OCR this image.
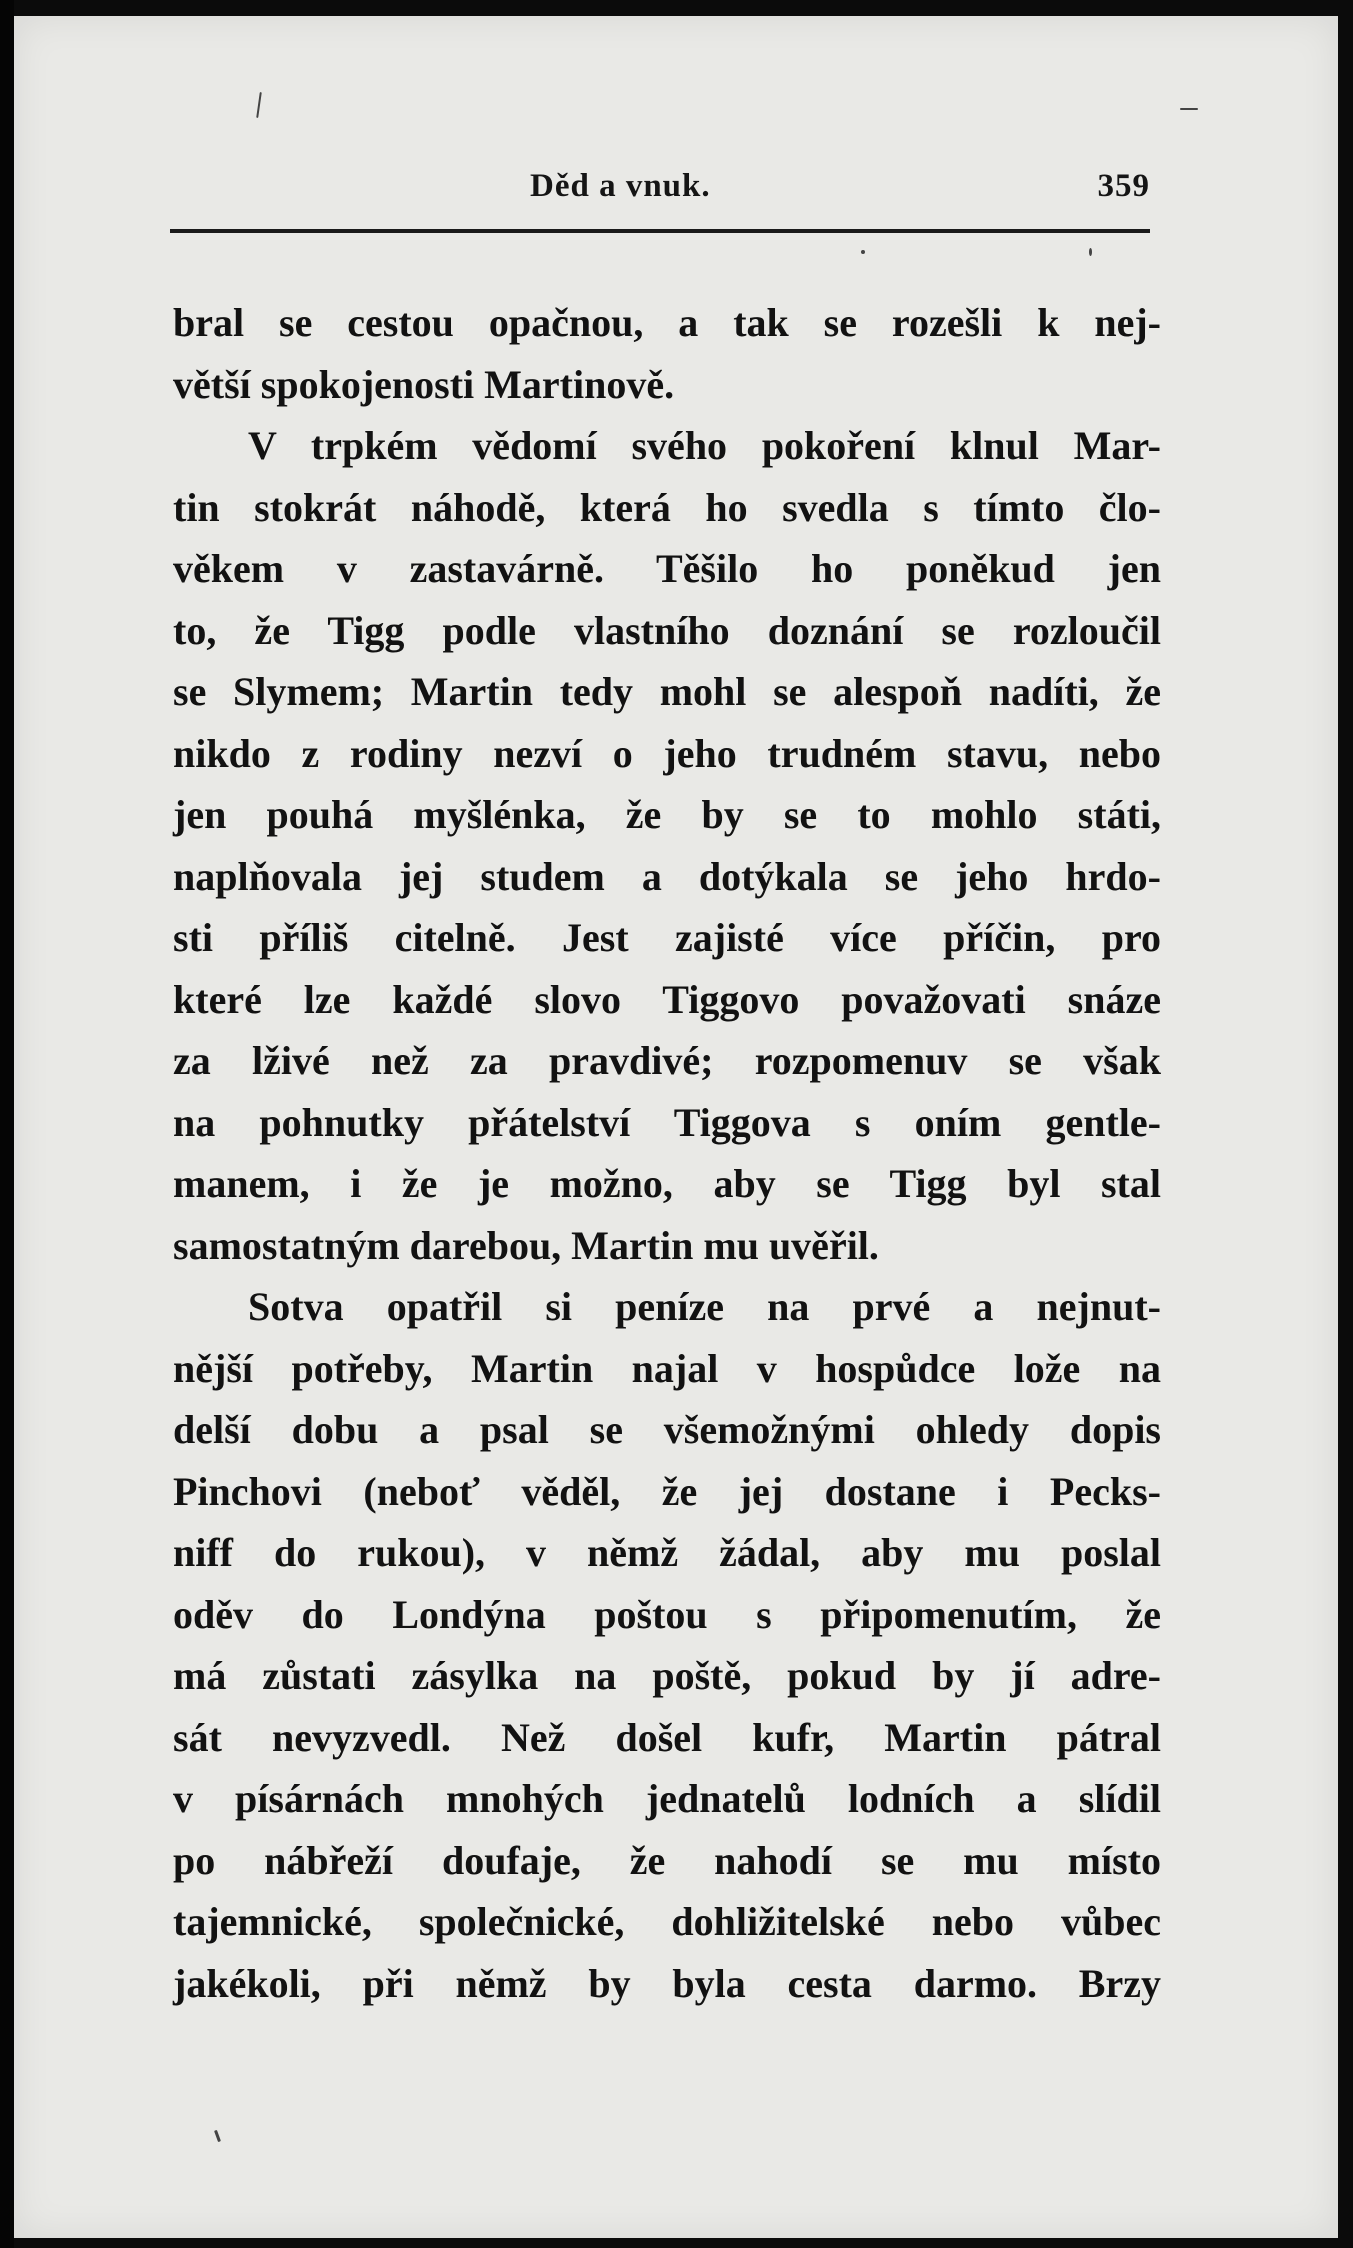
Děd a vnuk.	359
bral se cestou opačnou, a tak se rozešli k nej-
větší spokojenosti Martinově.
V trpkém vědomí svého pokoření klnul Mar-
tin stokrát náhodě, která ho svedla s tímto člo-
věkem v zastavárně. Těšilo ho poněkud jen
to, že Tigg podle vlastního doznání se rozloučil
se Slymem; Martin tedy mohl se alespoň nadíti, že
nikdo z rodiny nezví o jeho trudném stavu, nebo
jen pouhá myšlénka, že by se to mohlo státi,
naplňovala jej studem a dotýkala se jeho hrdo-
sti příliš citelně. Jest zajisté více příčin, pro
které lze každé slovo Tiggovo považovati snáze
za lživé než za pravdivé; rozpomenuv se však
na pohnutky přátelství Tiggova s oním gentle-
manem, i že je možno, aby se Tigg byl stal
samostatným darebou, Martin mu uvěřil.
Sotva opatřil si peníze na prvé a nejnut-
nější potřeby, Martin najal v hospůdce lože na
delší dobu a psal se všemožnými ohledy dopis
Pinchovi (neboť věděl, že jej dostane i Pecks-
niff do rukou), v němž žádal, aby mu poslal
oděv do Londýna poštou s připomenutím, že
má zůstati zásylka na poště, pokud by jí adre-
sát nevyzvedl. Než došel kufr, Martin pátral
v písárnách mnohých jednatelů lodních a slídil
po nábřeží doufaje, že nahodí se mu místo
tajemnické, společnické, dohližitelské nebo vůbec
jakékoli, při němž by byla cesta darmo. Brzy
